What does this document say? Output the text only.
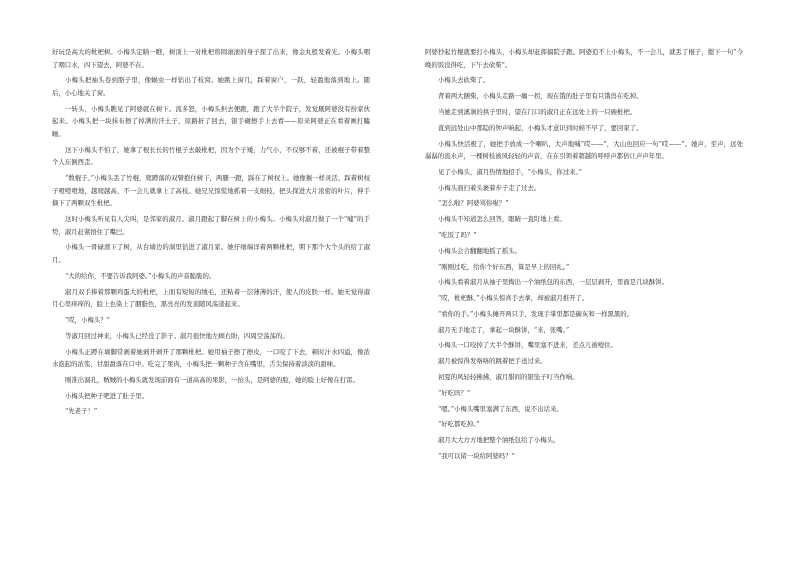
好玩是高大的枇杷树。小梅头定睛一瞧，树顶上一对枇杷将圆滚滚的身子探了出来，像金丸般发着光。小梅头咽了咽口水，四下望去，阿婆不在。

小梅头把袖头卷到胳子里，像蜗虫一样钻出了枝窝。她跳上窗几，踩着窗户，一跃，轻盈地落到地上。随后，小心地关了窗。

一转头，小梅头瞧见了阿婆就在树下。流多怒，小梅头担去便跑，跑了大半个院子，发觉厩阿婆没有扮家伙起来。小梅头把一块抹布擦了掉满的汗土子，原路折了回去，银手碾擦手上去看——原来阿婆正在看着画打瞌睡。

这下小梅头不怕了，她拿了根长长的竹棍子去敲枇杷，因为个子矮，力气小，不仅够不着，还被棍子带着整个人东倒西歪。

“数棍子。”小梅头丢了竹棍，爬蹲落的双臂抱住树干，两腿一蹬，踩在了树杈上。她像猴一样灵活，踩着树杈子噔噔噔地，越爬越高，不一会儿就拿上了高枝。她兄兄惊慌地抓着一支细枝，把头探进大片浓密的叶片，伸手摘下了两颗双生枇杷。

这时小梅头听见有人尖叫，是邻家的淑月。淑月蹬起了脚在树上的小梅头。小梅头对淑月做了一个“嘘”的手势，淑月赶紧捂住了嘴巴。

小梅头一骨碌滑下了树，从台墙边的洞里钻进了淑月家。她仔细端详着两颗枇杷，期下那个大个头的给了淑月。

“大的给你，不要告诉我阿婆。”小梅头的声音脆脆的。

淑月双手捧着那颗鸡蛋大的枇杷，上面有短短的绒毛，还粘着一层薄薄的汗，使人的皮肤一样。她无觉得淑月心里痒痒的，脸上也染上了胭脂色，黑亮亮的发顶随风荡漾起来。

“哎，小梅头？”

等淑月回过神来，小梅头已经没了影子。淑月很快地左顾右盼，四周空荡荡的。

小梅头正蹲在墙脚常剥着她剥开剥开了那颗枇杷。她用袖子擦了擦皮，一口咬了下去，顿时汁水四溢，像浓水泡起的浓浆，甘甜甜落在口中。吃完了果肉，小梅头把一颗种子含在嘴里，舌尖保持着淡淡的甜味。

刚准出洞孔，贼贼的小梅头就发现前面有一道高高的果影，一抬头，是阿婆的脸，她的脸上好像在打雷。

小梅头把种子吧进了肚子里。

“先老子！”

阿婆抄起竹棍就要打小梅头，小梅头却赶挥搞院子跑。阿婆追不上小梅头，不一会儿，就丢了棍子，摁下一句“今晚的饭没得吃，下午去砍柴”。

小梅头去砍柴了。

背着两大捆柴，小梅头走路一瘸一拐，现在饿的肚子里有只饿兽在吃掉。

当她走到溪涧的拱子里时，望在门口的淑月正在远处上的一只碗枇杷。

直到远处山中那隐的钟声响起，小梅头才意识到时候不早了，要回家了。

小梅头快活极了，她把手放成一个喇叭，大声地喊“哎——”，大山也回应一句“哎——”。她声，至声，远处潺潺的流水声，一棵树枝被风轻轻的声音，在在引领着超越的呼呼声都倍让声声年里。

见了小梅头，淑月热情地招手，“小梅头，你过来。”

小梅头面扫着头裹着步子走了过去。

“怎么啦？阿婆骂你啦？”

小梅头不知道怎么回答，眼睛一直盯地上看。

“吃饭了吗？”

小梅头会合翻翻地摇了摇头。

“刚刚过吃，给你个好东西，算是早上的回礼。”

小梅头看着淑月从袖子里掏出一个油纸包的东西，一层层剥开，里面是几块酥饼。

“哎，枇杷酥。”小梅头惊喜手去拿，却被淑月推开了。

“看你的手。”小梅头摊开两只手，发现手掌里都是碳灰和一样黑黑的。

淑月无手地走了，拿起一块酥饼，“来，张嘴。”

小梅头一口咬掉了大半个酥饼，嘴里塞不进来，差点儿被噎住。

淑月被惊得发咯咯的跳着把手送过来。

初夏的风轻轻拂拂，淑月腊间的银坠子叮当作响。

“好吃吗？”

“嗯。”小梅头嘴里塞满了东西，说不出话来。

“好吃都吃掉。”

淑月大大方方地把整个油纸包给了小梅头。

“我可以留一块给阿婆吗？”
